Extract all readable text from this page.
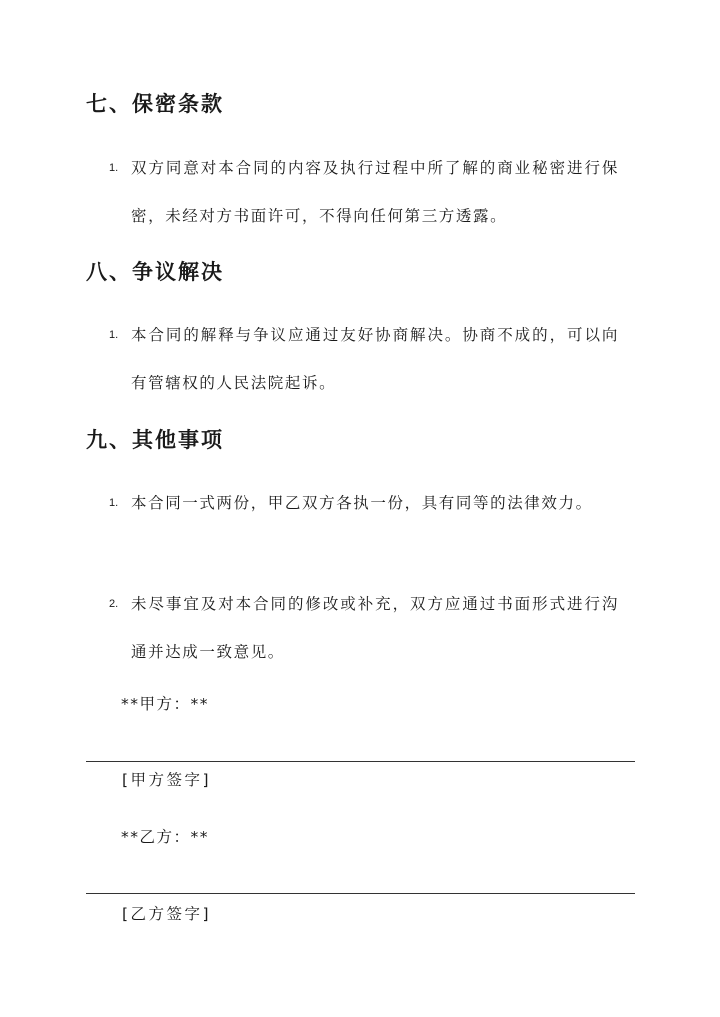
七、保密条款
1. 双方同意对本合同的内容及执行过程中所了解的商业秘密进行保密，未经对方书面许可，不得向任何第三方透露。
八、争议解决
1. 本合同的解释与争议应通过友好协商解决。协商不成的，可以向有管辖权的人民法院起诉。
九、其他事项
1. 本合同一式两份，甲乙双方各执一份，具有同等的法律效力。
2. 未尽事宜及对本合同的修改或补充，双方应通过书面形式进行沟通并达成一致意见。
**甲方：**
[甲方签字]
**乙方：**
[乙方签字]
